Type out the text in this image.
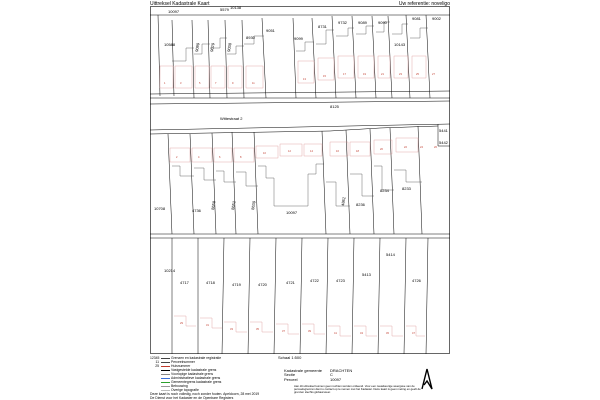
Uittreksel Kadastrale Kaart	Uw referentie: noveligo
10097	5579 10138
10588	9099 9029	9030
8930
9051
9099
8731
9732	9089	9090
10143
9081	9002
Wittestraat 2
8125
5441
5442
10708	4736
8650	8651	8639
10097
4862 8236
8234	8233
10214
4717	4718	4719	4720	4721	4722	4723
5413
5414
4726
1	3	5	7	9	11
13
15
17	19	21	23	25	27
2	4	6	8
10
12	14	16	18
20
22	24	26
29
31
33	35
37	39
41	43	45	47
12345	Grenzen en kadastrale registratie
11	Perceelnummer
25	Huisnummer
Vastgestelde kadastrale grens
Voorlopige kadastrale grens
Administratieve kadastrale grens
Gemeentegrens kadastrale grens
Bebouwing
Overige topografie
Deze kaart is noch volledig, noch zonder fouten. Apeldoorn, 28 mei 2019
De Dienst voor het Kadaster en de Openbare Registers
Schaal 1:500
Kadastrale gemeente	DRACHTEN
Sectie	C
Perceel	10097
Aan dit uittreksel kunnen geen rechten worden ontleend. Voor een nauwkeurige weergave van de perceelsgrenzen dient u contact op te nemen met het Kadaster. Deze kaart is geen meting en geeft de grenzen slechts globaal weer.
